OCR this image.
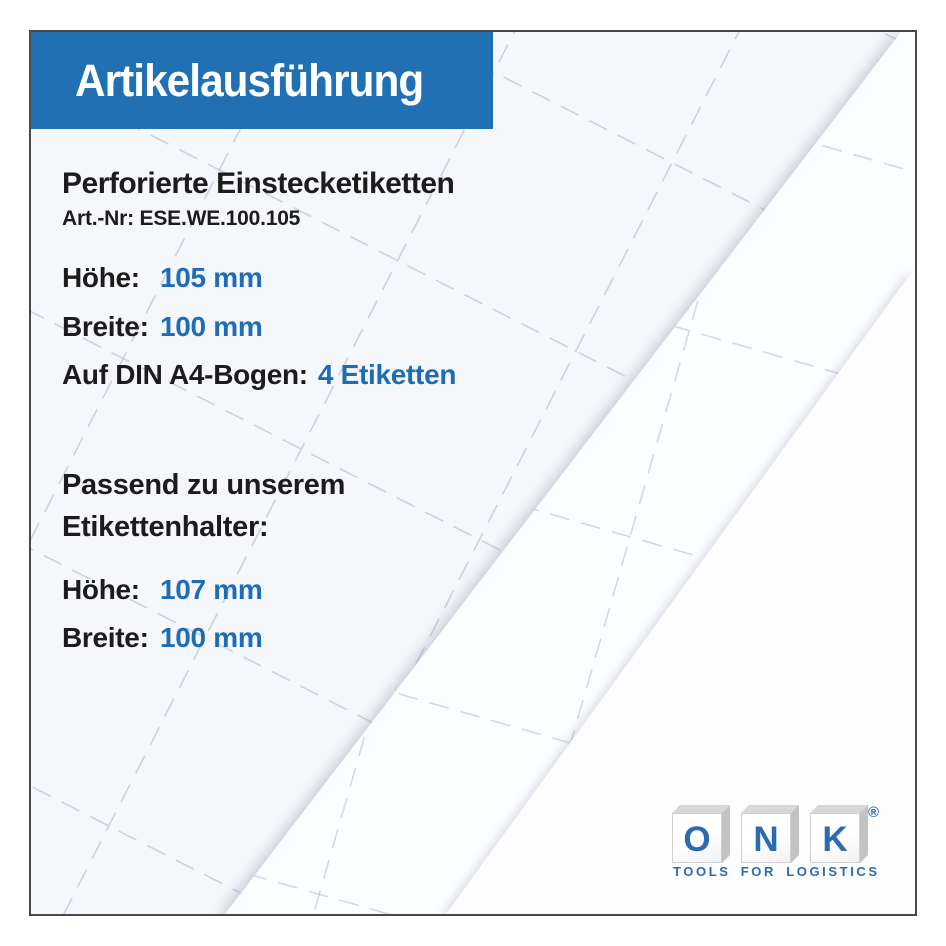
Artikelausführung
Perforierte Einstecketiketten
Art.-Nr: ESE.WE.100.105
Höhe: 105 mm
Breite: 100 mm
Auf DIN A4-Bogen: 4 Etiketten
Passend zu unserem
Etikettenhalter:
Höhe: 107 mm
Breite: 100 mm
O N K
®
TOOLS FOR LOGISTICS
